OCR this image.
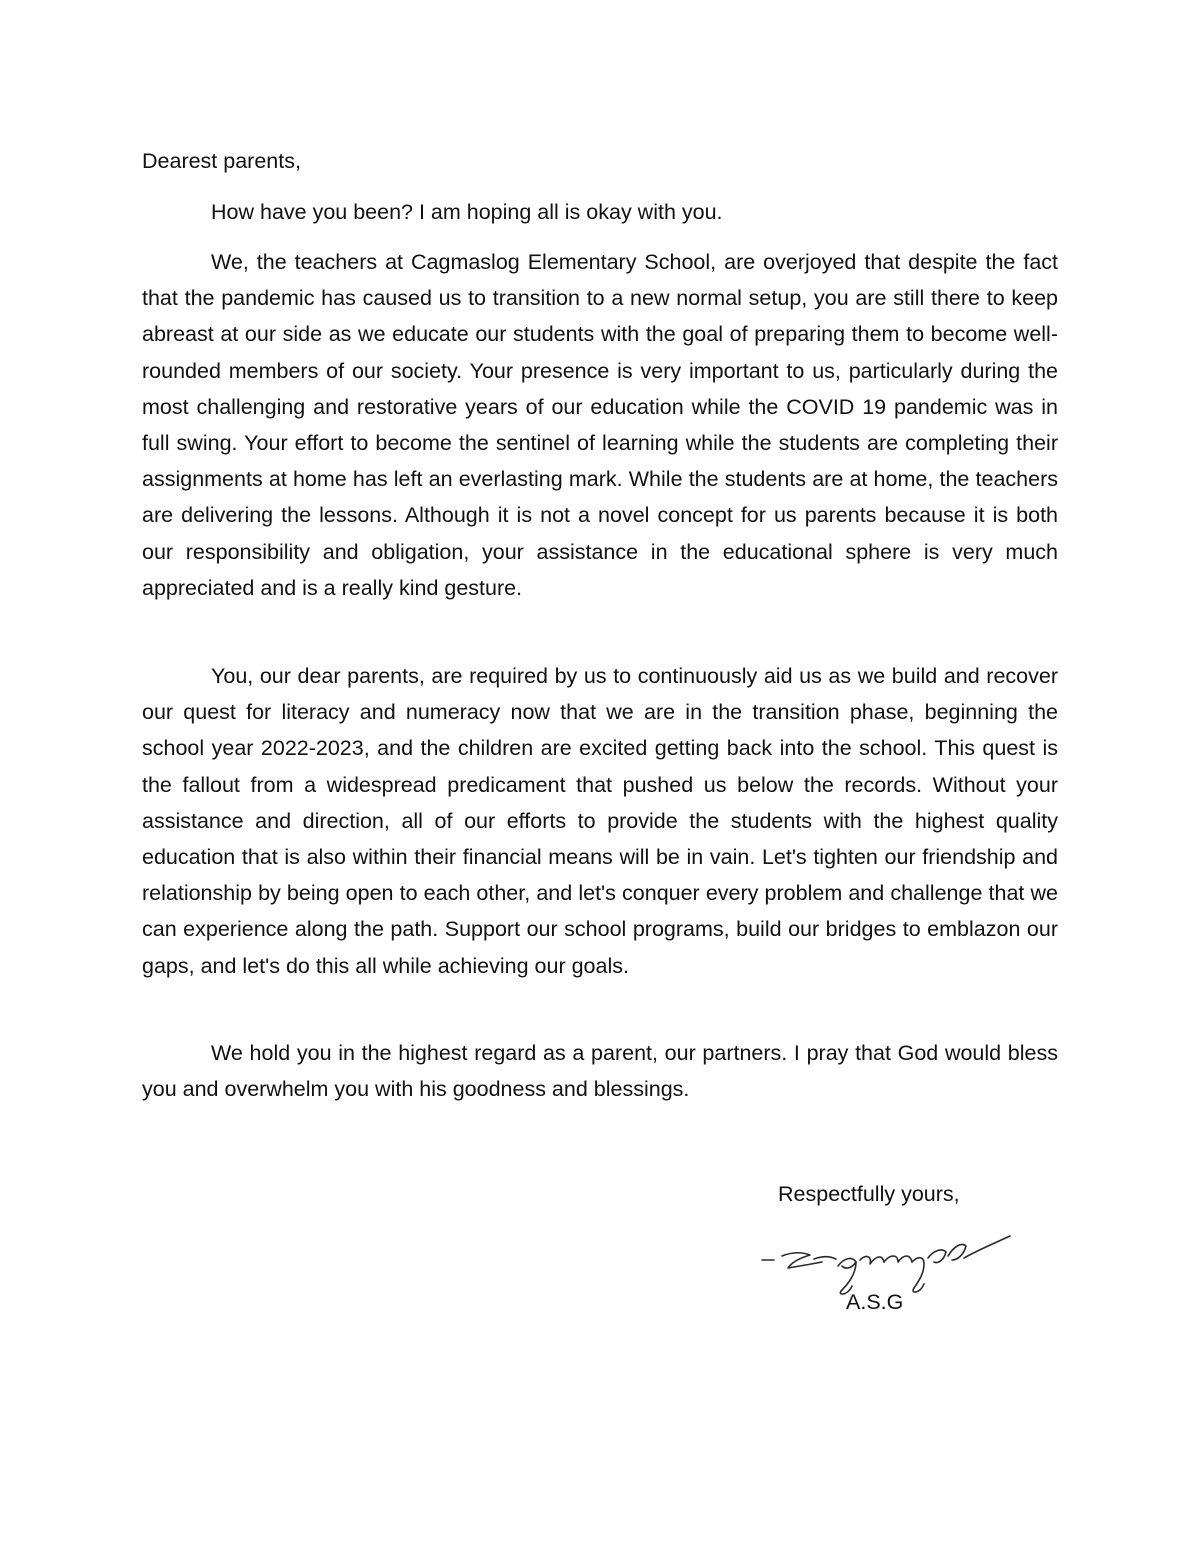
Dearest parents,

How have you been? I am hoping all is okay with you.

We, the teachers at Cagmaslog Elementary School, are overjoyed that despite the fact that the pandemic has caused us to transition to a new normal setup, you are still there to keep abreast at our side as we educate our students with the goal of preparing them to become well-rounded members of our society. Your presence is very important to us, particularly during the most challenging and restorative years of our education while the COVID 19 pandemic was in full swing. Your effort to become the sentinel of learning while the students are completing their assignments at home has left an everlasting mark. While the students are at home, the teachers are delivering the lessons. Although it is not a novel concept for us parents because it is both our responsibility and obligation, your assistance in the educational sphere is very much appreciated and is a really kind gesture.

You, our dear parents, are required by us to continuously aid us as we build and recover our quest for literacy and numeracy now that we are in the transition phase, beginning the school year 2022-2023, and the children are excited getting back into the school. This quest is the fallout from a widespread predicament that pushed us below the records. Without your assistance and direction, all of our efforts to provide the students with the highest quality education that is also within their financial means will be in vain. Let's tighten our friendship and relationship by being open to each other, and let's conquer every problem and challenge that we can experience along the path. Support our school programs, build our bridges to emblazon our gaps, and let's do this all while achieving our goals.

We hold you in the highest regard as a parent, our partners. I pray that God would bless you and overwhelm you with his goodness and blessings.

Respectfully yours,

A.S.G
